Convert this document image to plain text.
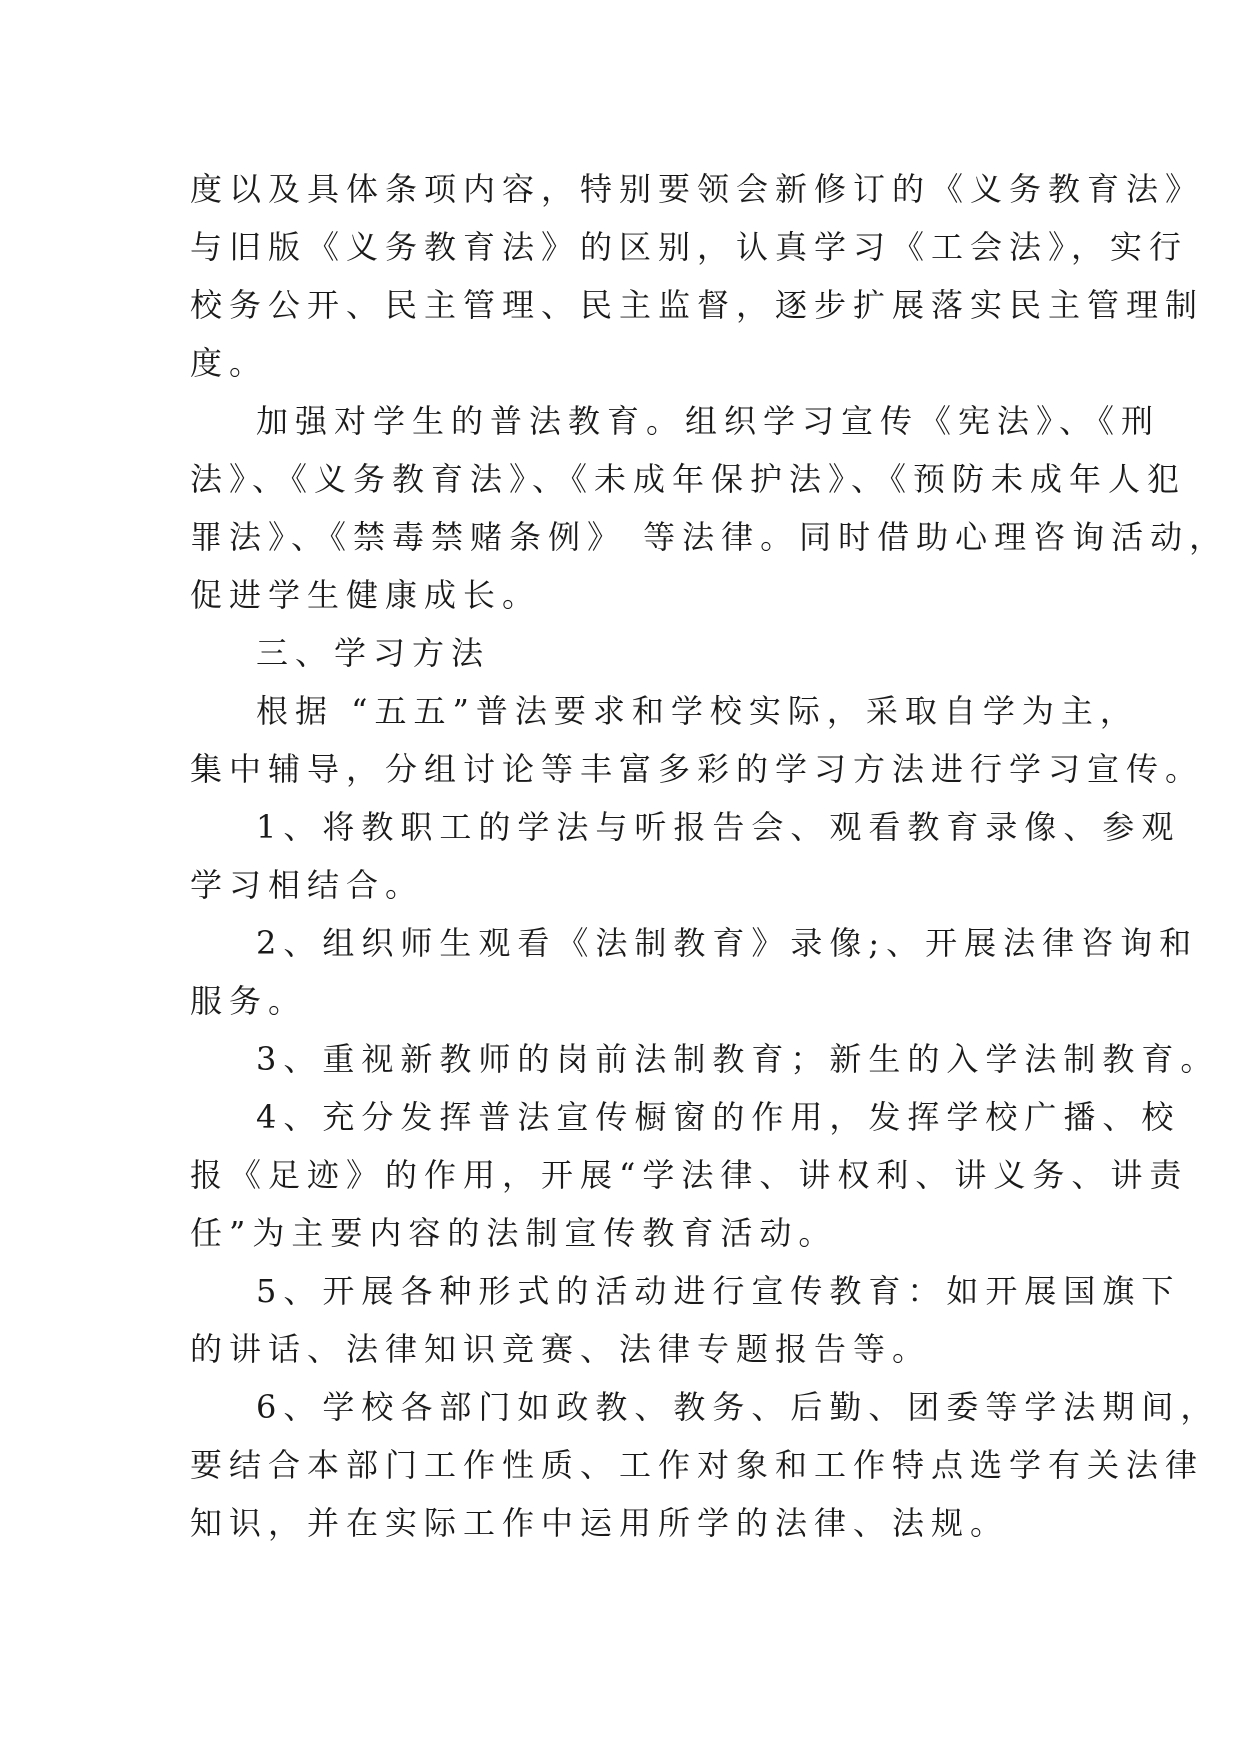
度以及具体条项内容，特别要领会新修订的《义务教育法》
与旧版《义务教育法》的区别，认真学习《工会法》，实行
校务公开、民主管理、民主监督，逐步扩展落实民主管理制
度。
加强对学生的普法教育。组织学习宣传《宪法》、《刑
法》、《义务教育法》、《未成年保护法》、《预防未成年人犯
罪法》、《禁毒禁赌条例》 等法律。同时借助心理咨询活动，
促进学生健康成长。
三、学习方法
根据 “五五”普法要求和学校实际，采取自学为主，
集中辅导，分组讨论等丰富多彩的学习方法进行学习宣传。
1、将教职工的学法与听报告会、观看教育录像、参观
学习相结合。
2、组织师生观看《法制教育》录像;、开展法律咨询和
服务。
3、重视新教师的岗前法制教育；新生的入学法制教育。
4、充分发挥普法宣传橱窗的作用，发挥学校广播、校
报《足迹》的作用，开展“学法律、讲权利、讲义务、讲责
任”为主要内容的法制宣传教育活动。
5、开展各种形式的活动进行宣传教育：如开展国旗下
的讲话、法律知识竞赛、法律专题报告等。
6、学校各部门如政教、教务、后勤、团委等学法期间，
要结合本部门工作性质、工作对象和工作特点选学有关法律
知识，并在实际工作中运用所学的法律、法规。
